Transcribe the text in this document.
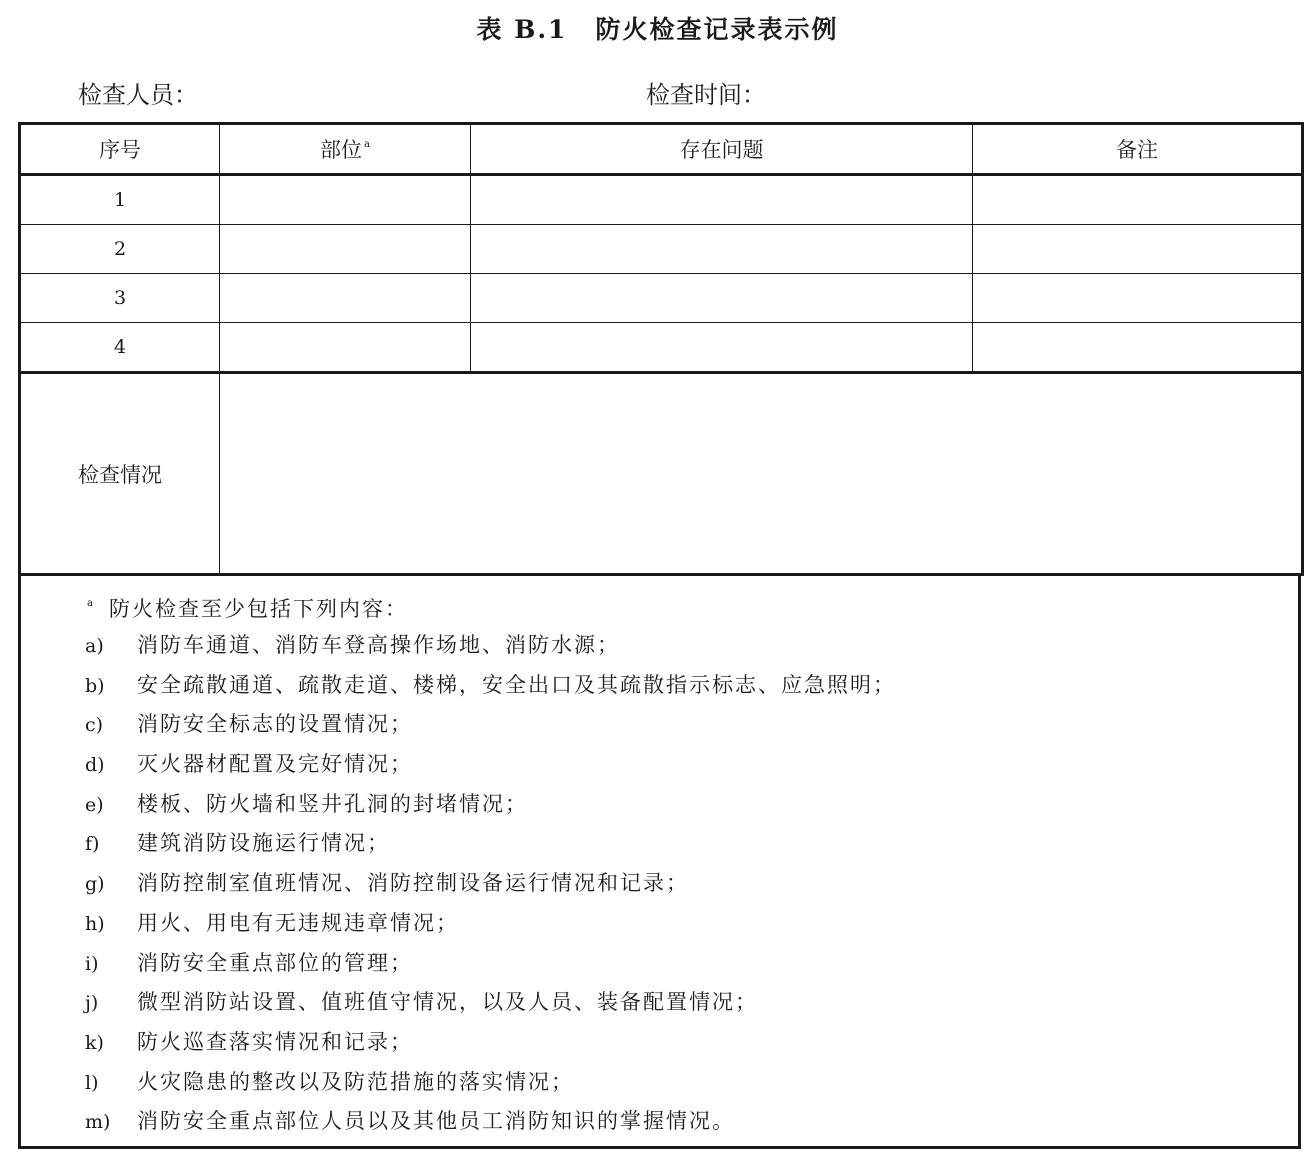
表 B.1 防火检查记录表示例
检查人员：	检查时间：
序号	部位 $^a$	存在问题	备注
1			
2			
3			
4			
检查情况			
$^a$ 防火检查至少包括下列内容：
a) 消防车通道、消防车登高操作场地、消防水源；
b) 安全疏散通道、疏散走道、楼梯，安全出口及其疏散指示标志、应急照明；
c) 消防安全标志的设置情况；
d) 灭火器材配置及完好情况；
e) 楼板、防火墙和竖井孔洞的封堵情况；
f) 建筑消防设施运行情况；
g) 消防控制室值班情况、消防控制设备运行情况和记录；
h) 用火、用电有无违规违章情况；
i) 消防安全重点部位的管理；
j) 微型消防站设置、值班值守情况，以及人员、装备配置情况；
k) 防火巡查落实情况和记录；
l) 火灾隐患的整改以及防范措施的落实情况；
m) 消防安全重点部位人员以及其他员工消防知识的掌握情况。
